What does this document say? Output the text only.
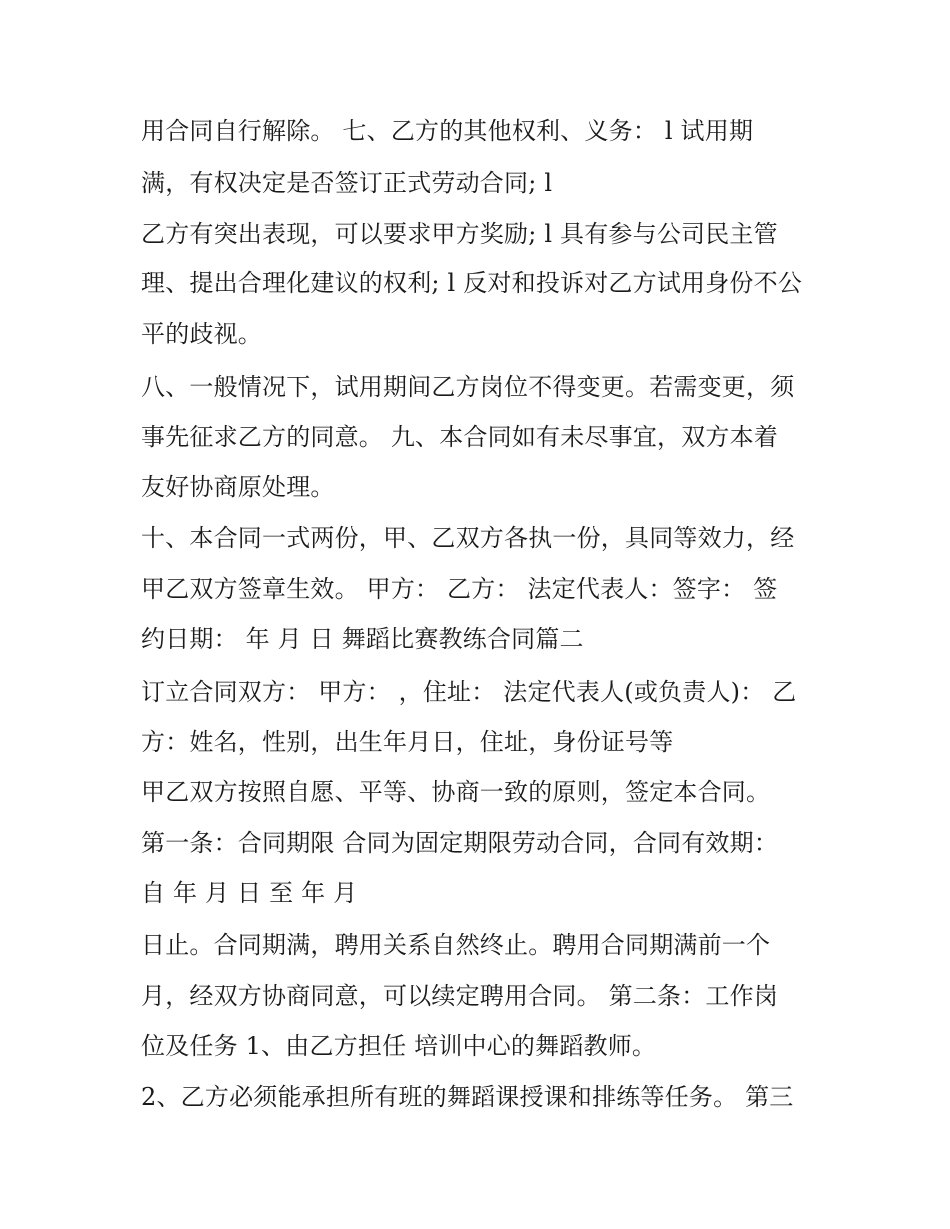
用合同自行解除。 七、乙方的其他权利、义务： l 试用期
满，有权决定是否签订正式劳动合同; l
乙方有突出表现，可以要求甲方奖励; l 具有参与公司民主管
理、提出合理化建议的权利; l 反对和投诉对乙方试用身份不公
平的歧视。
八、一般情况下，试用期间乙方岗位不得变更。若需变更，须
事先征求乙方的同意。 九、本合同如有未尽事宜，双方本着
友好协商原处理。
十、本合同一式两份，甲、乙双方各执一份，具同等效力，经
甲乙双方签章生效。 甲方： 乙方： 法定代表人：签字： 签
约日期： 年 月 日 舞蹈比赛教练合同篇二
订立合同双方： 甲方： ，住址： 法定代表人(或负责人)： 乙
方：姓名，性别，出生年月日，住址，身份证号等
甲乙双方按照自愿、平等、协商一致的原则，签定本合同。
第一条：合同期限 合同为固定期限劳动合同，合同有效期：
自 年 月 日 至 年 月
日止。合同期满，聘用关系自然终止。聘用合同期满前一个
月，经双方协商同意，可以续定聘用合同。 第二条：工作岗
位及任务 1、由乙方担任 培训中心的舞蹈教师。
2、乙方必须能承担所有班的舞蹈课授课和排练等任务。 第三
